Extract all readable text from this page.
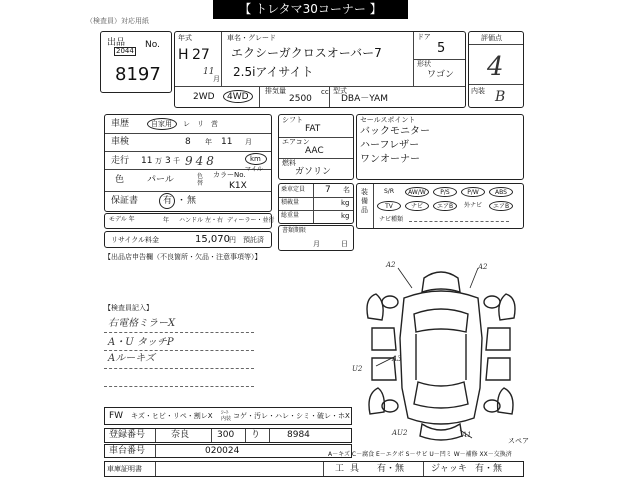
【 トレタマ30コーナー 】
（検査員）対応用紙
出品
2044
No.
8197
年式
H 27
11
月
車名・グレード
エクシーガクロスオーバー7
2.5iアイサイト
ドア
5
形状
ワゴン
2WD 4WD
排気量
2500
cc 型式
DBA－YAM
評価点
4
内装 B
車歴	自家用 レ リ 営
車検	8 年 11 月
走行 11 万 3 千 948	km
マイル
色	パール	色替
カラーNo.
K1X
保証書	有 ・ 無
モデル 年	年 ハンドル 左・右 ディーラー・並行
リサイクル料金	15,070 円 預託済
【出品店申告欄（不良箇所・欠品・注意事項等）】
シフト
FAT
エアコン
AAC
燃料
ガソリン
セールスポイント
バックモニター
ハーフレザー
ワンオーナー
乗車定員 7 名
積載量	kg
総重量	kg
書類期限
月	日
装備品
S/R	AW/W	P/S	P/W	ABS
TV	ナビ	エアB	外ナビ	エアB
ナビ種類
【検査員記入】
右電格ミラーX
A・U タッチP
Aルーキズ
A2	A2
A3
U2
AU2	A1
スペア
FW キズ・ヒビ・リペ・割レX ｼｰﾄ 内装 コゲ・汚レ・ハレ・シミ・破レ・ホX
登録番号	奈良	300 り	8984
車台番号	020024	A－キズ C－腐食 E－エクボ S－サビ U－凹ミ W－補修 XX－交換済
車庫証明書	工具 有・無	ジャッキ 有・無
